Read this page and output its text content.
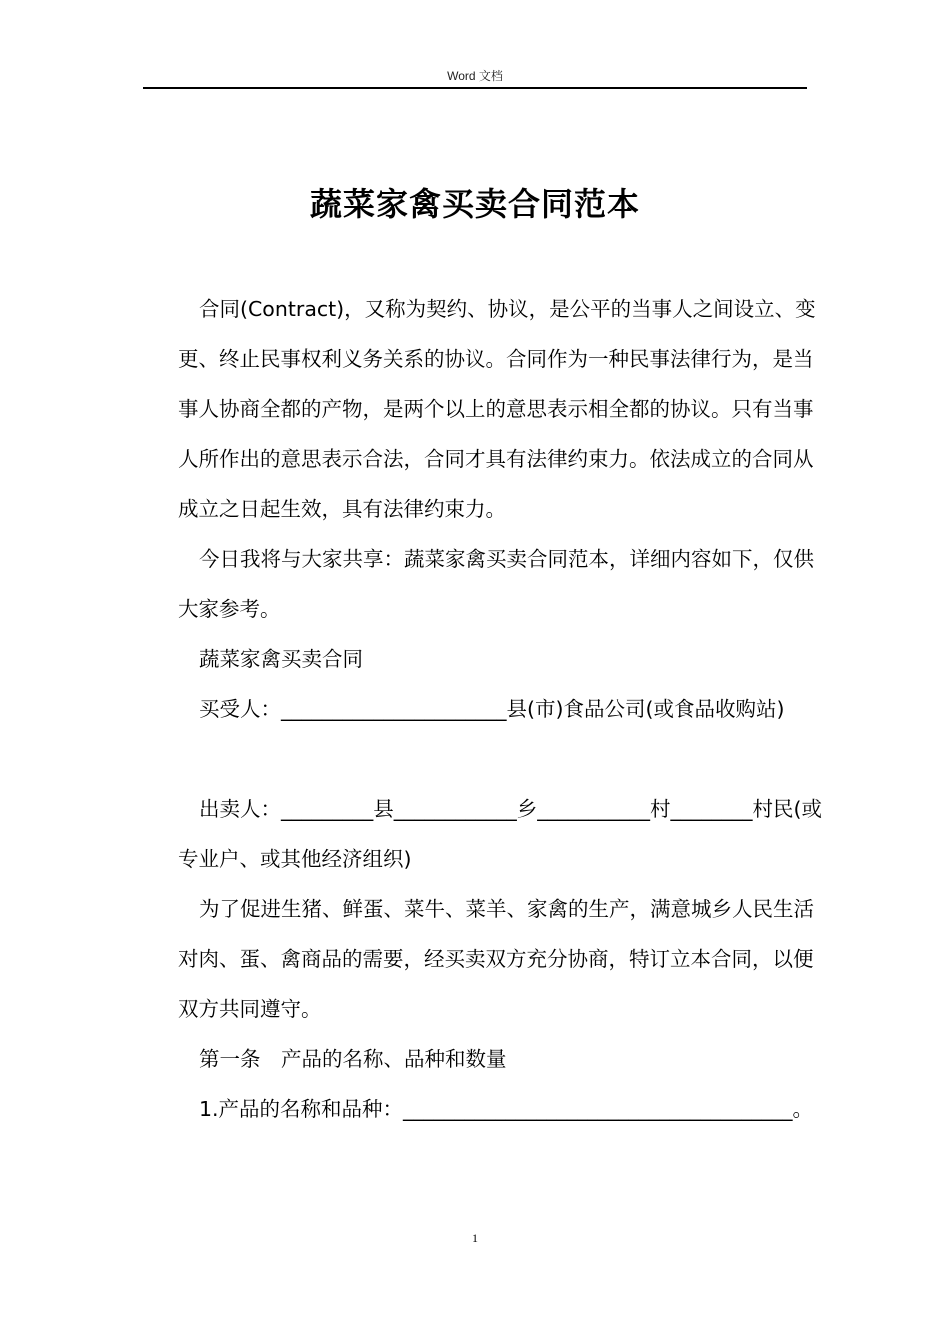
Word 文档
蔬菜家禽买卖合同范本

合同(Contract)，又称为契约、协议，是公平的当事人之间设立、变更、终止民事权利义务关系的协议。合同作为一种民事法律行为，是当事人协商全都的产物，是两个以上的意思表示相全都的协议。只有当事人所作出的意思表示合法，合同才具有法律约束力。依法成立的合同从成立之日起生效，具有法律约束力。

今日我将与大家共享：蔬菜家禽买卖合同范本，详细内容如下，仅供大家参考。

蔬菜家禽买卖合同

买受人：______________________县(市)食品公司(或食品收购站)

出卖人：_________县____________乡___________村________村民(或专业户、或其他经济组织)

为了促进生猪、鲜蛋、菜牛、菜羊、家禽的生产，满意城乡人民生活对肉、蛋、禽商品的需要，经买卖双方充分协商，特订立本合同，以便双方共同遵守。

第一条　产品的名称、品种和数量

1.产品的名称和品种：______________________________________。

1
